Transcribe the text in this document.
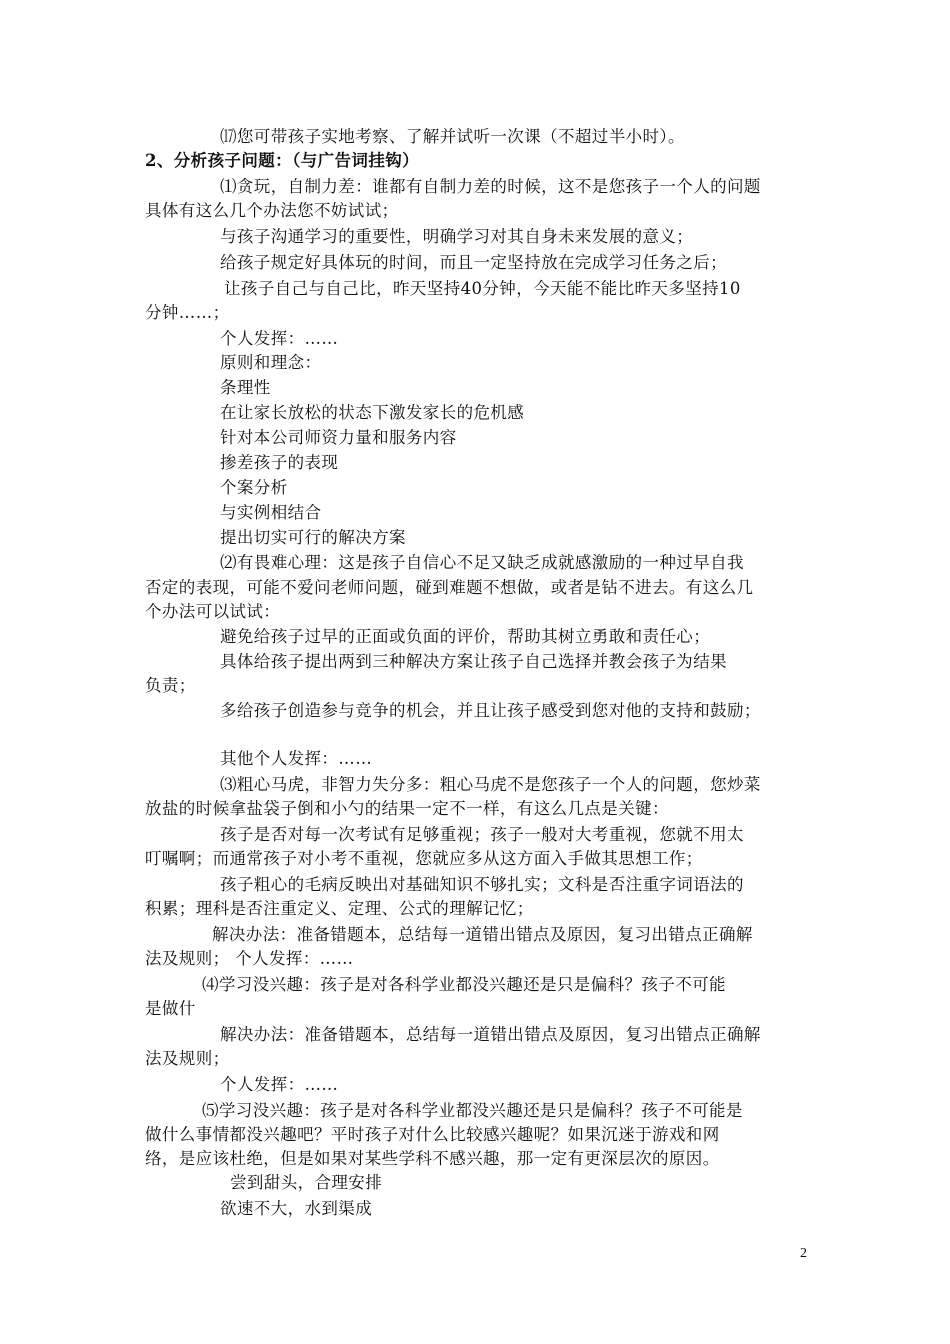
⒄您可带孩子实地考察、了解并试听一次课（不超过半小时）。
2、分析孩子问题：（与广告词挂钩）
⑴贪玩，自制力差：谁都有自制力差的时候，这不是您孩子一个人的问题
具体有这么几个办法您不妨试试；
与孩子沟通学习的重要性，明确学习对其自身未来发展的意义；
给孩子规定好具体玩的时间，而且一定坚持放在完成学习任务之后；
让孩子自己与自己比，昨天坚持40分钟，今天能不能比昨天多坚持10
分钟……；
个人发挥：……
原则和理念：
条理性
在让家长放松的状态下激发家长的危机感
针对本公司师资力量和服务内容
掺差孩子的表现
个案分析
与实例相结合
提出切实可行的解决方案
⑵有畏难心理：这是孩子自信心不足又缺乏成就感激励的一种过早自我
否定的表现，可能不爱问老师问题，碰到难题不想做，或者是钻不进去。有这么几
个办法可以试试：
避免给孩子过早的正面或负面的评价，帮助其树立勇敢和责任心；
具体给孩子提出两到三种解决方案让孩子自己选择并教会孩子为结果
负责；
多给孩子创造参与竞争的机会，并且让孩子感受到您对他的支持和鼓励；
其他个人发挥：……
⑶粗心马虎，非智力失分多：粗心马虎不是您孩子一个人的问题，您炒菜
放盐的时候拿盐袋子倒和小勺的结果一定不一样，有这么几点是关键：
孩子是否对每一次考试有足够重视；孩子一般对大考重视，您就不用太
叮嘱啊；而通常孩子对小考不重视，您就应多从这方面入手做其思想工作；
孩子粗心的毛病反映出对基础知识不够扎实；文科是否注重字词语法的
积累；理科是否注重定义、定理、公式的理解记忆；
解决办法：准备错题本，总结每一道错出错点及原因，复习出错点正确解
法及规则； 个人发挥：……
⑷学习没兴趣：孩子是对各科学业都没兴趣还是只是偏科？孩子不可能
是做什
解决办法：准备错题本，总结每一道错出错点及原因，复习出错点正确解
法及规则；
个人发挥：……
⑸学习没兴趣：孩子是对各科学业都没兴趣还是只是偏科？孩子不可能是
做什么事情都没兴趣吧？平时孩子对什么比较感兴趣呢？如果沉迷于游戏和网
络，是应该杜绝，但是如果对某些学科不感兴趣，那一定有更深层次的原因。
尝到甜头，合理安排
欲速不大，水到渠成
2
